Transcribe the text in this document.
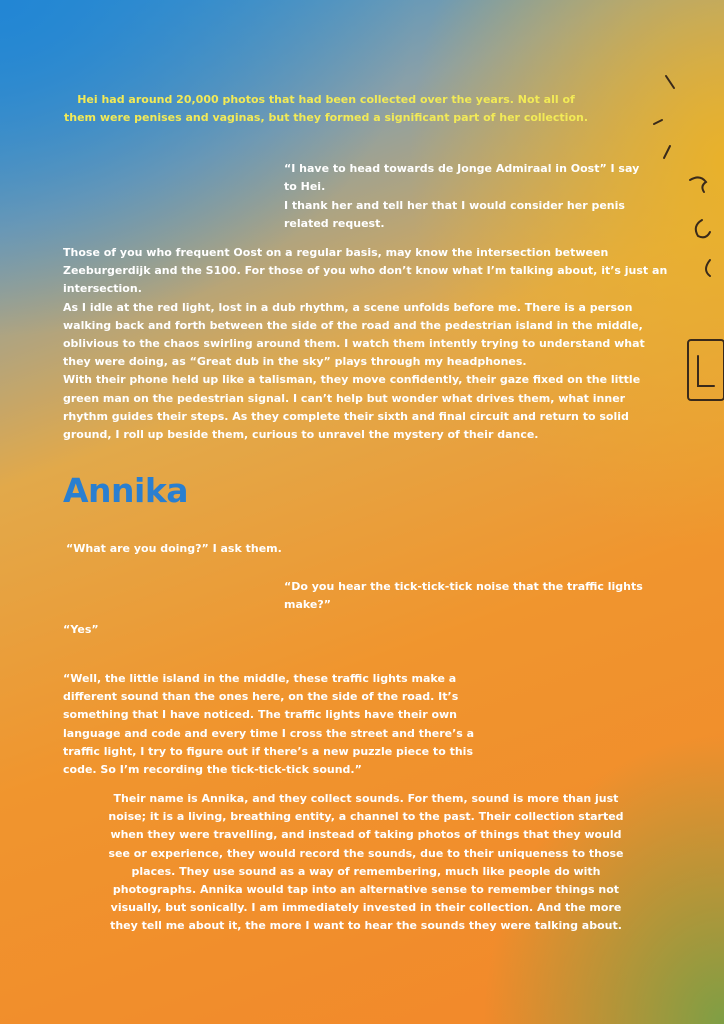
Hei had around 20,000 photos that had been collected over the years. Not all of them were penises and vaginas, but they formed a significant part of her collection.

“I have to head towards de Jonge Admiraal in Oost” I say to Hei.

I thank her and tell her that I would consider her penis related request.

Those of you who frequent Oost on a regular basis, may know the intersection between Zeeburgerdijk and the S100. For those of you who don’t know what I’m talking about, it’s just an intersection.

As I idle at the red light, lost in a dub rhythm, a scene unfolds before me. There is a person walking back and forth between the side of the road and the pedestrian island in the middle, oblivious to the chaos swirling around them. I watch them intently trying to understand what they were doing, as “Great dub in the sky” plays through my headphones.

With their phone held up like a talisman, they move confidently, their gaze fixed on the little green man on the pedestrian signal. I can’t help but wonder what drives them, what inner rhythm guides their steps. As they complete their sixth and final circuit and return to solid ground, I roll up beside them, curious to unravel the mystery of their dance.

Annika

“What are you doing?” I ask them.

“Do you hear the tick-tick-tick noise that the traffic lights make?”

“Yes”

“Well, the little island in the middle, these traffic lights make a different sound than the ones here, on the side of the road. It’s something that I have noticed. The traffic lights have their own language and code and every time I cross the street and there’s a traffic light, I try to figure out if there’s a new puzzle piece to this code. So I’m recording the tick-tick-tick sound.”

Their name is Annika, and they collect sounds. For them, sound is more than just noise; it is a living, breathing entity, a channel to the past. Their collection started when they were travelling, and instead of taking photos of things that they would see or experience, they would record the sounds, due to their uniqueness to those places. They use sound as a way of remembering, much like people do with photographs. Annika would tap into an alternative sense to remember things not visually, but sonically. I am immediately invested in their collection. And the more they tell me about it, the more I want to hear the sounds they were talking about.
